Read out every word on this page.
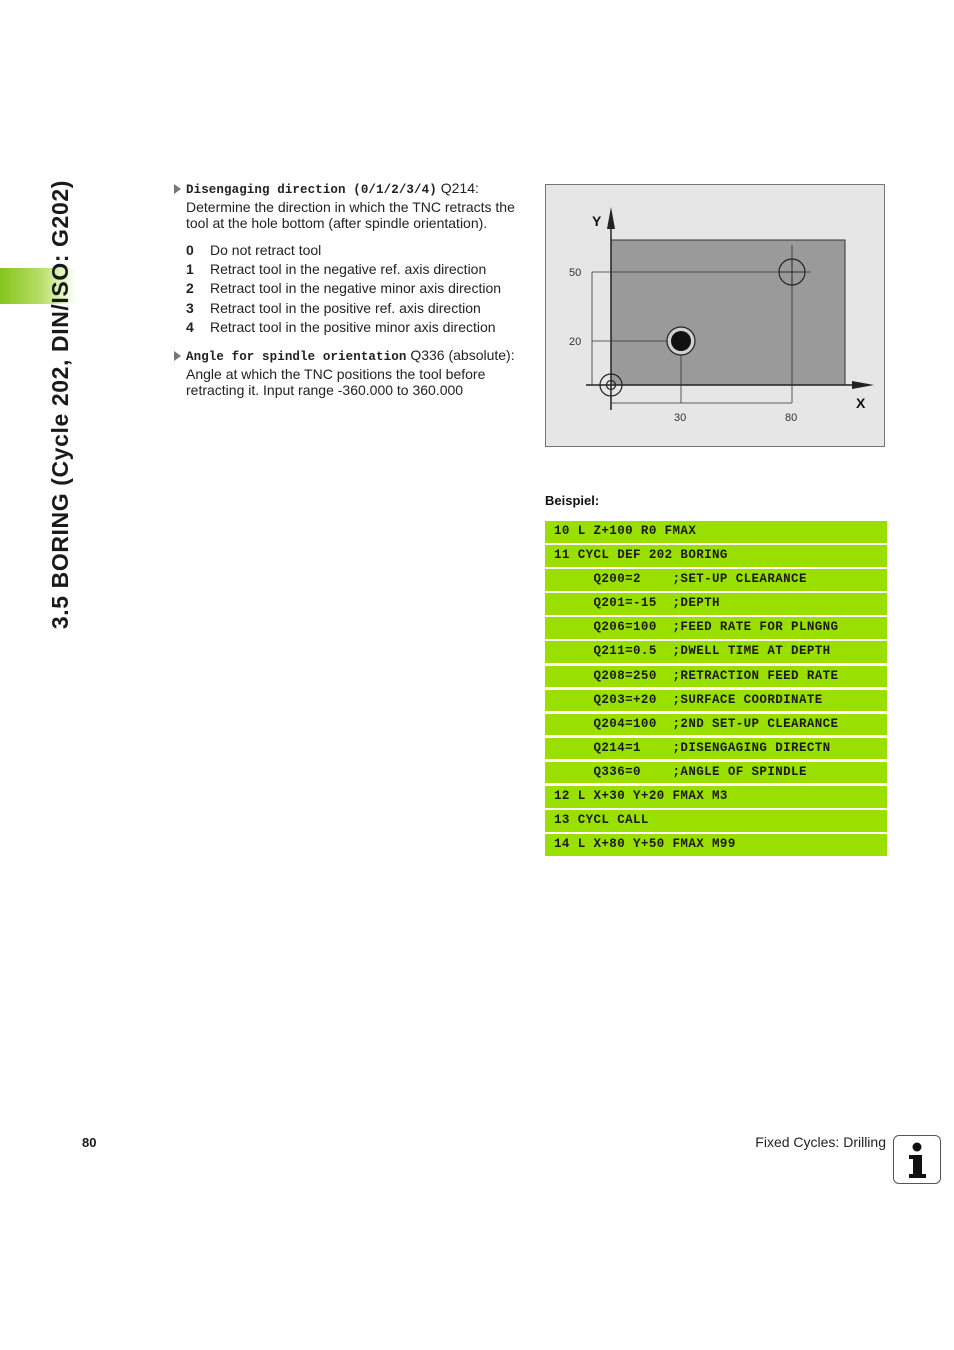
3.5 BORING (Cycle 202, DIN/ISO: G202)	Disengaging direction (0/1/2/3/4) Q214:
Determine the direction in which the TNC retracts the tool at the hole bottom (after spindle orientation).
0 Do not retract tool
1 Retract tool in the negative ref. axis direction
2 Retract tool in the negative minor axis direction
3 Retract tool in the positive ref. axis direction
4 Retract tool in the positive minor axis direction
Angle for spindle orientation Q336 (absolute):
Angle at which the TNC positions the tool before retracting it. Input range -360.000 to 360.000
Y
X
50
20
30	80
Beispiel:
10 L Z+100 R0 FMAX
11 CYCL DEF 202 BORING
Q200=2    ;SET-UP CLEARANCE
Q201=-15  ;DEPTH
Q206=100  ;FEED RATE FOR PLNGNG
Q211=0.5  ;DWELL TIME AT DEPTH
Q208=250  ;RETRACTION FEED RATE
Q203=+20  ;SURFACE COORDINATE
Q204=100  ;2ND SET-UP CLEARANCE
Q214=1    ;DISENGAGING DIRECTN
Q336=0    ;ANGLE OF SPINDLE
12 L X+30 Y+20 FMAX M3
13 CYCL CALL
14 L X+80 Y+50 FMAX M99
80	Fixed Cycles: Drilling
